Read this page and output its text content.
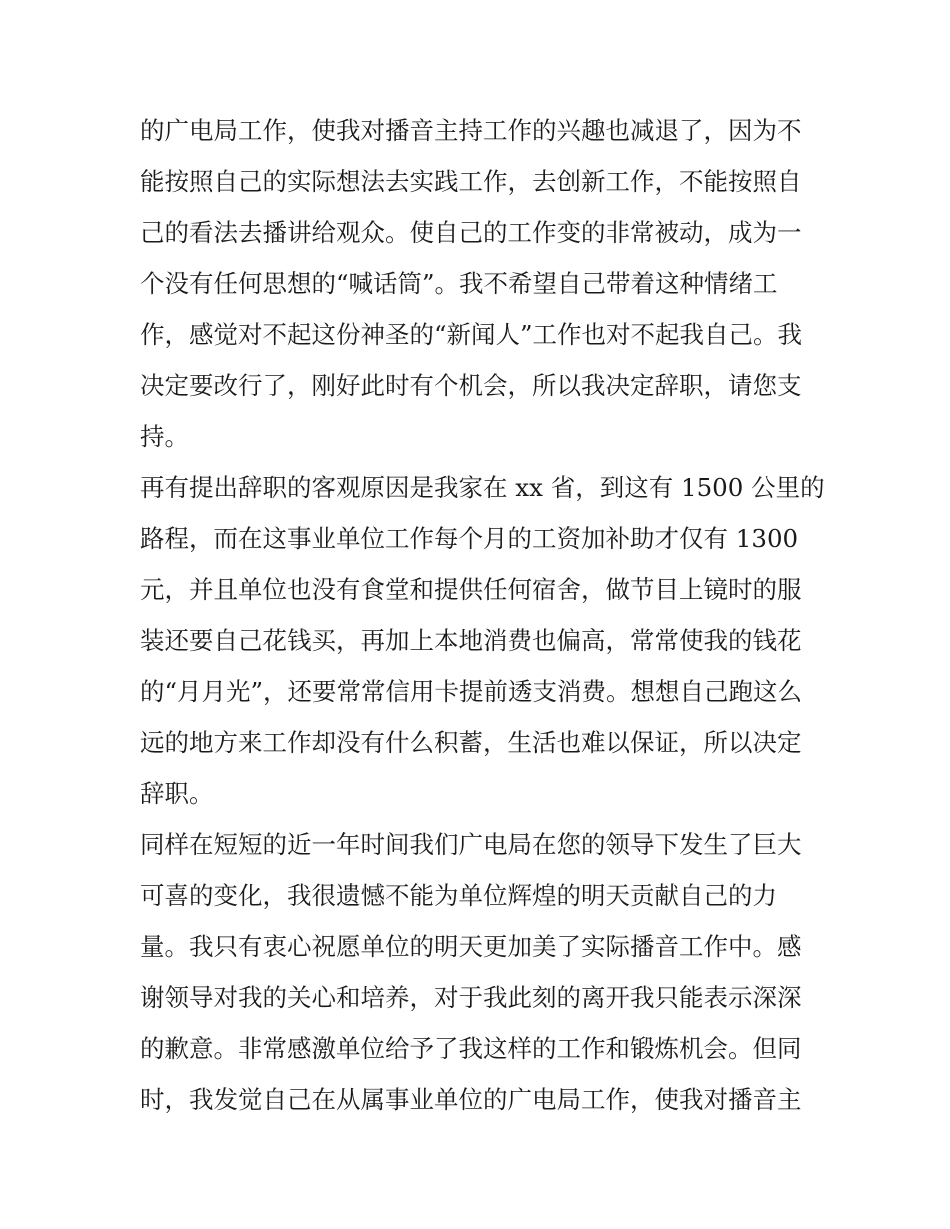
的广电局工作，使我对播音主持工作的兴趣也减退了，因为不
能按照自己的实际想法去实践工作，去创新工作，不能按照自
己的看法去播讲给观众。使自己的工作变的非常被动，成为一
个没有任何思想的“喊话筒”。我不希望自己带着这种情绪工
作，感觉对不起这份神圣的“新闻人”工作也对不起我自己。我
决定要改行了，刚好此时有个机会，所以我决定辞职，请您支
持。
再有提出辞职的客观原因是我家在 xx 省，到这有 1500 公里的
路程，而在这事业单位工作每个月的工资加补助才仅有 1300
元，并且单位也没有食堂和提供任何宿舍，做节目上镜时的服
装还要自己花钱买，再加上本地消费也偏高，常常使我的钱花
的“月月光”，还要常常信用卡提前透支消费。想想自己跑这么
远的地方来工作却没有什么积蓄，生活也难以保证，所以决定
辞职。
同样在短短的近一年时间我们广电局在您的领导下发生了巨大
可喜的变化，我很遗憾不能为单位辉煌的明天贡献自己的力
量。我只有衷心祝愿单位的明天更加美了实际播音工作中。感
谢领导对我的关心和培养，对于我此刻的离开我只能表示深深
的歉意。非常感激单位给予了我这样的工作和锻炼机会。但同
时，我发觉自己在从属事业单位的广电局工作，使我对播音主
